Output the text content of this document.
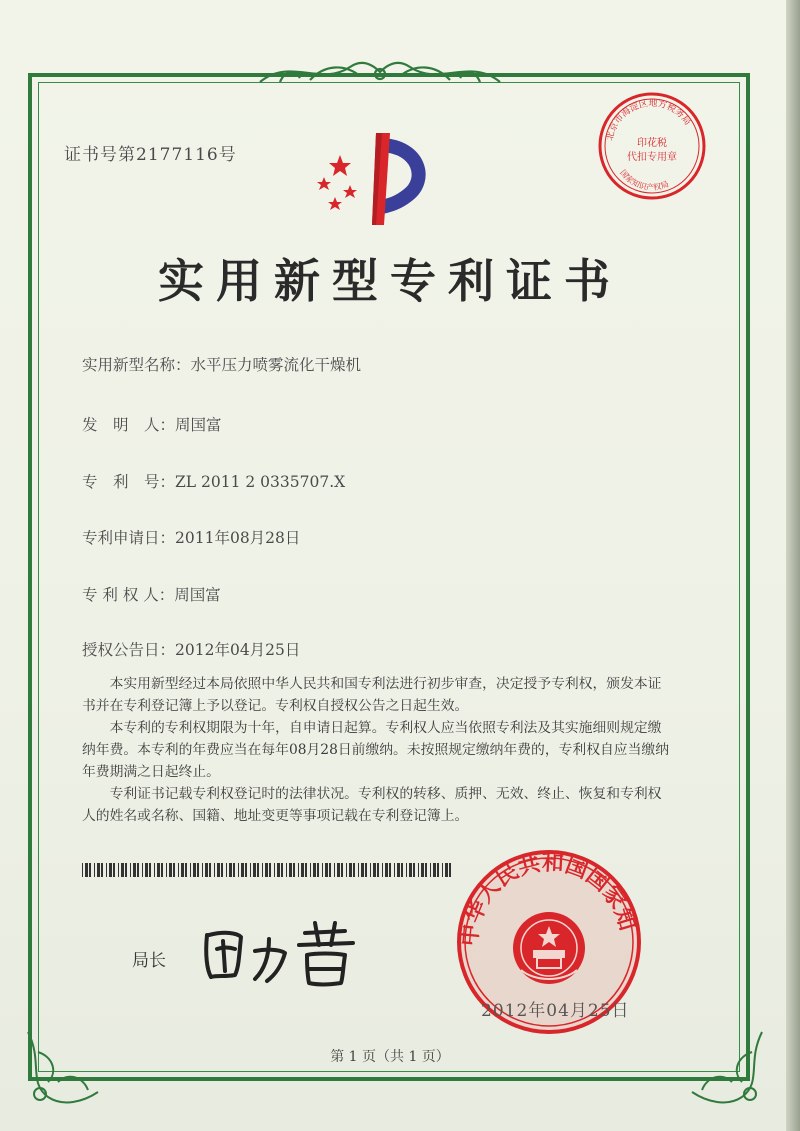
证书号第2177116号
北京市海淀区地方税务局
国家知识产权局
印花税
代扣专用章
实用新型专利证书
实用新型名称：水平压力喷雾流化干燥机
发　明　人：周国富
专　利　号：ZL 2011 2 0335707.X
专利申请日：2011年08月28日
专 利 权 人：周国富
授权公告日：2012年04月25日

本实用新型经过本局依照中华人民共和国专利法进行初步审查，决定授予专利权，颁发本证书并在专利登记簿上予以登记。专利权自授权公告之日起生效。

本专利的专利权期限为十年，自申请日起算。专利权人应当依照专利法及其实施细则规定缴纳年费。本专利的年费应当在每年08月28日前缴纳。未按照规定缴纳年费的，专利权自应当缴纳年费期满之日起终止。

专利证书记载专利权登记时的法律状况。专利权的转移、质押、无效、终止、恢复和专利权人的姓名或名称、国籍、地址变更等事项记载在专利登记簿上。

局长
中华人民共和国国家知
2012年04月25日
第 1 页（共 1 页）
